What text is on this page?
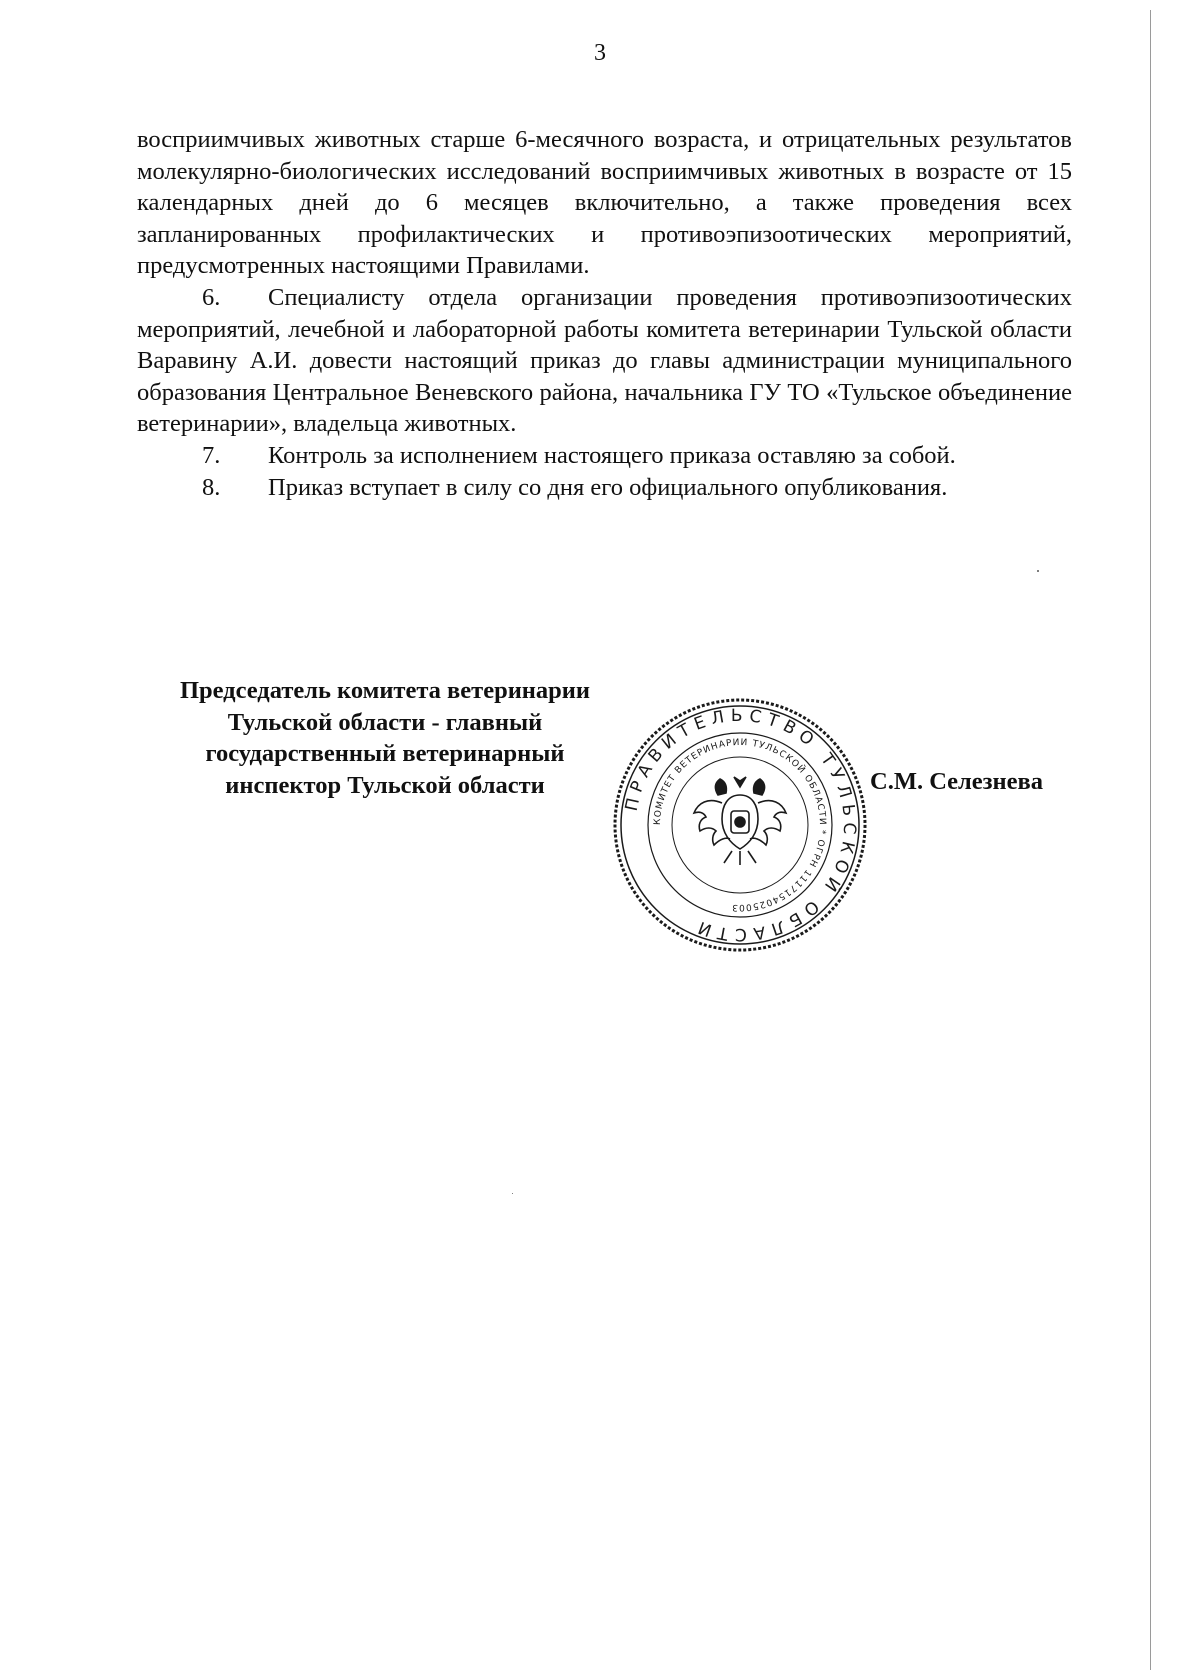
3

восприимчивых животных старше 6-месячного возраста, и отрицательных результатов молекулярно-биологических исследований восприимчивых животных в возрасте от 15 календарных дней до 6 месяцев включительно, а также проведения всех запланированных профилактических и противоэпизоотических мероприятий, предусмотренных настоящими Правилами.

6. Специалисту отдела организации проведения противоэпизоотических мероприятий, лечебной и лабораторной работы комитета ветеринарии Тульской области Варавину А.И. довести настоящий приказ до главы администрации муниципального образования Центральное Веневского района, начальника ГУ ТО «Тульское объединение ветеринарии», владельца животных.

7. Контроль за исполнением настоящего приказа оставляю за собой.

8. Приказ вступает в силу со дня его официального опубликования.

Председатель комитета ветеринарии
Тульской области - главный
государственный ветеринарный
инспектор Тульской области
ПРАВИТЕЛЬСТВО ТУЛЬСКОЙ ОБЛАСТИ
КОМИТЕТ ВЕТЕРИНАРИИ ТУЛЬСКОЙ ОБЛАСТИ * ОГРН 1117154025003
С.М. Селезнева
